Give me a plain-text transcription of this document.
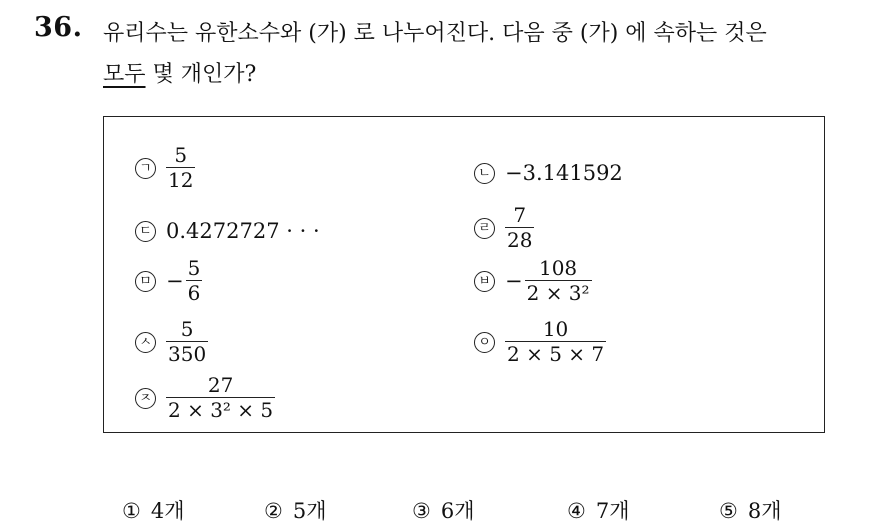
36. 유리수는 유한소수와 (가) 로 나누어진다. 다음 중 (가) 에 속하는 것은
모두 몇 개인가?
ㄱ $\frac{5}{12}$	ㄴ −3.141592
ㄷ 0.4272727 · · ·	ㄹ $\frac{7}{28}$
ㅁ − $\frac{5}{6}$	ㅂ − $\frac{108}{\text{2 × 3²}}$
ㅅ $\frac{5}{350}$	ㅇ $\frac{10}{2 \times 5 \times 7}$
ㅈ $\frac{27}{\text{2 × 3² × 5}}$
① 4개	② 5개	③ 6개	④ 7개	⑤ 8개
